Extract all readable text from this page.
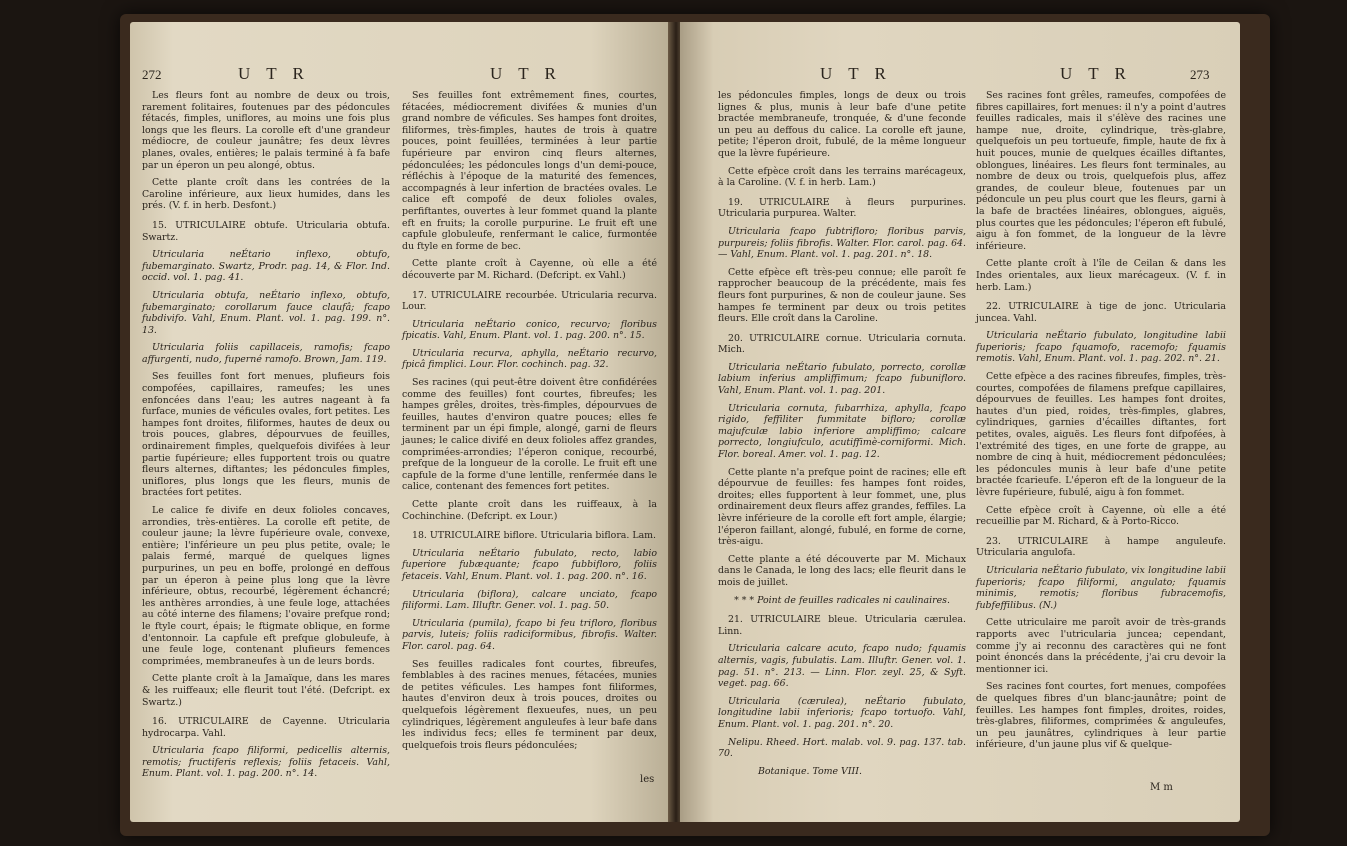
272	U T R	U T R

Les fleurs font au nombre de deux ou trois, rarement folitaires, foutenues par des pédoncules fétacés, fimples, uniflores, au moins une fois plus longs que les fleurs. La corolle eft d'une grandeur médiocre, de couleur jaunâtre; fes deux lèvres planes, ovales, entières; le palais terminé à fa bafe par un éperon un peu alongé, obtus.

Cette plante croît dans les contrées de la Caroline inférieure, aux lieux humides, dans les prés. (V. f. in herb. Desfont.)

15. UTRICULAIRE obtufe. Utricularia obtufa. Swartz.

Utricularia neÉtario inflexo, obtufo, fubemarginato. Swartz, Prodr. pag. 14, & Flor. Ind. occid. vol. 1. pag. 41.

Utricularia obtufa, neÉtario inflexo, obtufo, fubemarginato; corollarum fauce claufâ; fcapo fubdivifo. Vahl, Enum. Plant. vol. 1. pag. 199. n°. 13.

Utricularia foliis capillaceis, ramofis; fcapo affurgenti, nudo, fuperné ramofo. Brown, Jam. 119.

Ses feuilles font fort menues, plufieurs fois compofées, capillaires, rameufes; les unes enfoncées dans l'eau; les autres nageant à fa furface, munies de véficules ovales, fort petites. Les hampes font droites, filiformes, hautes de deux ou trois pouces, glabres, dépourvues de feuilles, ordinairement fimples, quelquefois divifées à leur partie fupérieure; elles fupportent trois ou quatre fleurs alternes, diftantes; les pédoncules fimples, uniflores, plus longs que les fleurs, munis de bractées fort petites.

Le calice fe divife en deux folioles concaves, arrondies, très-entières. La corolle eft petite, de couleur jaune; la lèvre fupérieure ovale, convexe, entière; l'inférieure un peu plus petite, ovale; le palais fermé, marqué de quelques lignes purpurines, un peu en boffe, prolongé en deffous par un éperon à peine plus long que la lèvre inférieure, obtus, recourbé, légèrement échancré; les anthères arrondies, à une feule loge, attachées au côté interne des filamens; l'ovaire prefque rond; le ftyle court, épais; le ftigmate oblique, en forme d'entonnoir. La capfule eft prefque globuleufe, à une feule loge, contenant plufieurs femences comprimées, membraneufes à un de leurs bords.

Cette plante croît à la Jamaïque, dans les mares & les ruiffeaux; elle fleurit tout l'été. (Defcript. ex Swartz.)

16. UTRICULAIRE de Cayenne. Utricularia hydrocarpa. Vahl.

Utricularia fcapo filiformi, pedicellis alternis, remotis; fructiferis reflexis; foliis fetaceis. Vahl, Enum. Plant. vol. 1. pag. 200. n°. 14.

Ses feuilles font extrêmement fines, courtes, fétacées, médiocrement divifées & munies d'un grand nombre de véficules. Ses hampes font droites, filiformes, très-fimples, hautes de trois à quatre pouces, point feuillées, terminées à leur partie fupérieure par environ cinq fleurs alternes, pédonculées; les pédoncules longs d'un demi-pouce, réfléchis à l'époque de la maturité des femences, accompagnés à leur infertion de bractées ovales. Le calice eft compofé de deux folioles ovales, perfiftantes, ouvertes à leur fommet quand la plante eft en fruits; la corolle purpurine. Le fruit eft une capfule globuleufe, renfermant le calice, furmontée du ftyle en forme de bec.

Cette plante croît à Cayenne, où elle a été découverte par M. Richard. (Defcript. ex Vahl.)

17. UTRICULAIRE recourbée. Utricularia recurva. Lour.

Utricularia neÉtario conico, recurvo; floribus fpicatis. Vahl, Enum. Plant. vol. 1. pag. 200. n°. 15.

Utricularia recurva, aphylla, neÉtario recurvo, fpicâ fimplici. Lour. Flor. cochinch. pag. 32.

Ses racines (qui peut-être doivent être confidérées comme des feuilles) font courtes, fibreufes; les hampes grêles, droites, très-fimples, dépourvues de feuilles, hautes d'environ quatre pouces; elles fe terminent par un épi fimple, alongé, garni de fleurs jaunes; le calice divifé en deux folioles affez grandes, comprimées-arrondies; l'éperon conique, recourbé, prefque de la longueur de la corolle. Le fruit eft une capfule de la forme d'une lentille, renfermée dans le calice, contenant des femences fort petites.

Cette plante croît dans les ruiffeaux, à la Cochinchine. (Defcript. ex Lour.)

18. UTRICULAIRE biflore. Utricularia biflora. Lam.

Utricularia neÉtario fubulato, recto, labio fuperiore fubæquante; fcapo fubbifloro, foliis fetaceis. Vahl, Enum. Plant. vol. 1. pag. 200. n°. 16.

Utricularia (biflora), calcare unciato, fcapo filiformi. Lam. Illuftr. Gener. vol. 1. pag. 50.

Utricularia (pumila), fcapo bi feu trifloro, floribus parvis, luteis; foliis radiciformibus, fibrofis. Walter. Flor. carol. pag. 64.

Ses feuilles radicales font courtes, fibreufes, femblables à des racines menues, fétacées, munies de petites véficules. Les hampes font filiformes, hautes d'environ deux à trois pouces, droites ou quelquefois légèrement flexueufes, nues, un peu cylindriques, légèrement anguleufes à leur bafe dans les individus fecs; elles fe terminent par deux, quelquefois trois fleurs pédonculées;

les
U T R	U T R	273

les pédoncules fimples, longs de deux ou trois lignes & plus, munis à leur bafe d'une petite bractée membraneufe, tronquée, & d'une feconde un peu au deffous du calice. La corolle eft jaune, petite; l'éperon droit, fubulé, de la même longueur que la lèvre fupérieure.

Cette efpèce croît dans les terrains marécageux, à la Caroline. (V. f. in herb. Lam.)

19. UTRICULAIRE à fleurs purpurines. Utricularia purpurea. Walter.

Utricularia fcapo fubtrifloro; floribus parvis, purpureis; foliis fibrofis. Walter. Flor. carol. pag. 64. — Vahl, Enum. Plant. vol. 1. pag. 201. n°. 18.

Cette efpèce eft très-peu connue; elle paroît fe rapprocher beaucoup de la précédente, mais fes fleurs font purpurines, & non de couleur jaune. Ses hampes fe terminent par deux ou trois petites fleurs. Elle croît dans la Caroline.

20. UTRICULAIRE cornue. Utricularia cornuta. Mich.

Utricularia neÉtario fubulato, porrecto, corollæ labium inferius ampliffimum; fcapo fubunifloro. Vahl, Enum. Plant. vol. 1. pag. 201.

Utricularia cornuta, fubarrhiza, aphylla, fcapo rigido, feffiliter fummitate bifloro; corollæ majufculæ labio inferiore ampliffimo; calcare porrecto, longiufculo, acutiffimè-corniformi. Mich. Flor. boreal. Amer. vol. 1. pag. 12.

Cette plante n'a prefque point de racines; elle eft dépourvue de feuilles: fes hampes font roides, droites; elles fupportent à leur fommet, une, plus ordinairement deux fleurs affez grandes, feffiles. La lèvre inférieure de la corolle eft fort ample, élargie; l'éperon faillant, alongé, fubulé, en forme de corne, très-aigu.

Cette plante a été découverte par M. Michaux dans le Canada, le long des lacs; elle fleurit dans le mois de juillet.

* * * Point de feuilles radicales ni caulinaires.

21. UTRICULAIRE bleue. Utricularia cærulea. Linn.

Utricularia calcare acuto, fcapo nudo; fquamis alternis, vagis, fubulatis. Lam. Illuftr. Gener. vol. 1. pag. 51. n°. 213. — Linn. Flor. zeyl. 25, & Syft. veget. pag. 66.

Utricularia (cærulea), neÉtario fubulato, longitudine labii inferioris; fcapo tortuofo. Vahl, Enum. Plant. vol. 1. pag. 201. n°. 20.

Nelipu. Rheed. Hort. malab. vol. 9. pag. 137. tab. 70.

Botanique. Tome VIII.

Ses racines font grêles, rameufes, compofées de fibres capillaires, fort menues: il n'y a point d'autres feuilles radicales, mais il s'élève des racines une hampe nue, droite, cylindrique, très-glabre, quelquefois un peu tortueufe, fimple, haute de fix à huit pouces, munie de quelques écailles diftantes, oblongues, linéaires. Les fleurs font terminales, au nombre de deux ou trois, quelquefois plus, affez grandes, de couleur bleue, foutenues par un pédoncule un peu plus court que les fleurs, garni à la bafe de bractées linéaires, oblongues, aiguës, plus courtes que les pédoncules; l'éperon eft fubulé, aigu à fon fommet, de la longueur de la lèvre inférieure.

Cette plante croît à l'île de Ceilan & dans les Indes orientales, aux lieux marécageux. (V. f. in herb. Lam.)

22. UTRICULAIRE à tige de jonc. Utricularia juncea. Vahl.

Utricularia neÉtario fubulato, longitudine labii fuperioris; fcapo fquamofo, racemofo; fquamis remotis. Vahl, Enum. Plant. vol. 1. pag. 202. n°. 21.

Cette efpèce a des racines fibreufes, fimples, très-courtes, compofées de filamens prefque capillaires, dépourvues de feuilles. Les hampes font droites, hautes d'un pied, roides, très-fimples, glabres, cylindriques, garnies d'écailles diftantes, fort petites, ovales, aiguës. Les fleurs font difpofées, à l'extrémité des tiges, en une forte de grappe, au nombre de cinq à huit, médiocrement pédonculées; les pédoncules munis à leur bafe d'une petite bractée fcarieufe. L'éperon eft de la longueur de la lèvre fupérieure, fubulé, aigu à fon fommet.

Cette efpèce croît à Cayenne, où elle a été recueillie par M. Richard, & à Porto-Ricco.

23. UTRICULAIRE à hampe anguleufe. Utricularia angulofa.

Utricularia neÉtario fubulato, vix longitudine labii fuperioris; fcapo filiformi, angulato; fquamis minimis, remotis; floribus fubracemofis, fubfeffilibus. (N.)

Cette utriculaire me paroît avoir de très-grands rapports avec l'utricularia juncea; cependant, comme j'y ai reconnu des caractères qui ne font point énoncés dans la précédente, j'ai cru devoir la mentionner ici.

Ses racines font courtes, fort menues, compofées de quelques fibres d'un blanc-jaunâtre; point de feuilles. Les hampes font fimples, droites, roides, très-glabres, filiformes, comprimées & anguleufes, un peu jaunâtres, cylindriques à leur partie inférieure, d'un jaune plus vif & quelque-

M m
